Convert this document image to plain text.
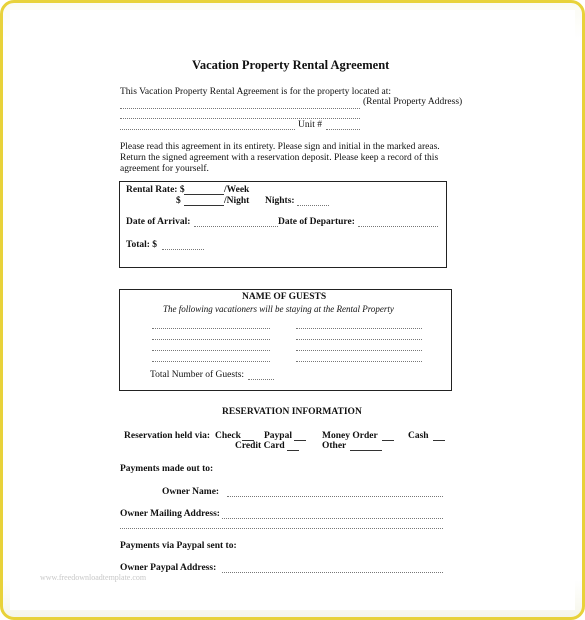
Vacation Property Rental Agreement
This Vacation Property Rental Agreement is for the property located at:
(Rental Property Address)
Unit #
Please read this agreement in its entirety. Please sign and initial in the marked areas.
Return the signed agreement with a reservation deposit. Please keep a record of this
agreement for yourself.
Rental Rate: $	/Week
$	/Night Nights:
Date of Arrival:	Date of Departure:
Total: $
NAME OF GUESTS
The following vacationers will be staying at the Rental Property
Total Number of Guests:
RESERVATION INFORMATION
Reservation held via: Check Paypal	Money Order	Cash
Credit Card	Other
Payments made out to:
Owner Name:
Owner Mailing Address:
Payments via Paypal sent to:
Owner Paypal Address:
www.freedownloadtemplate.com
